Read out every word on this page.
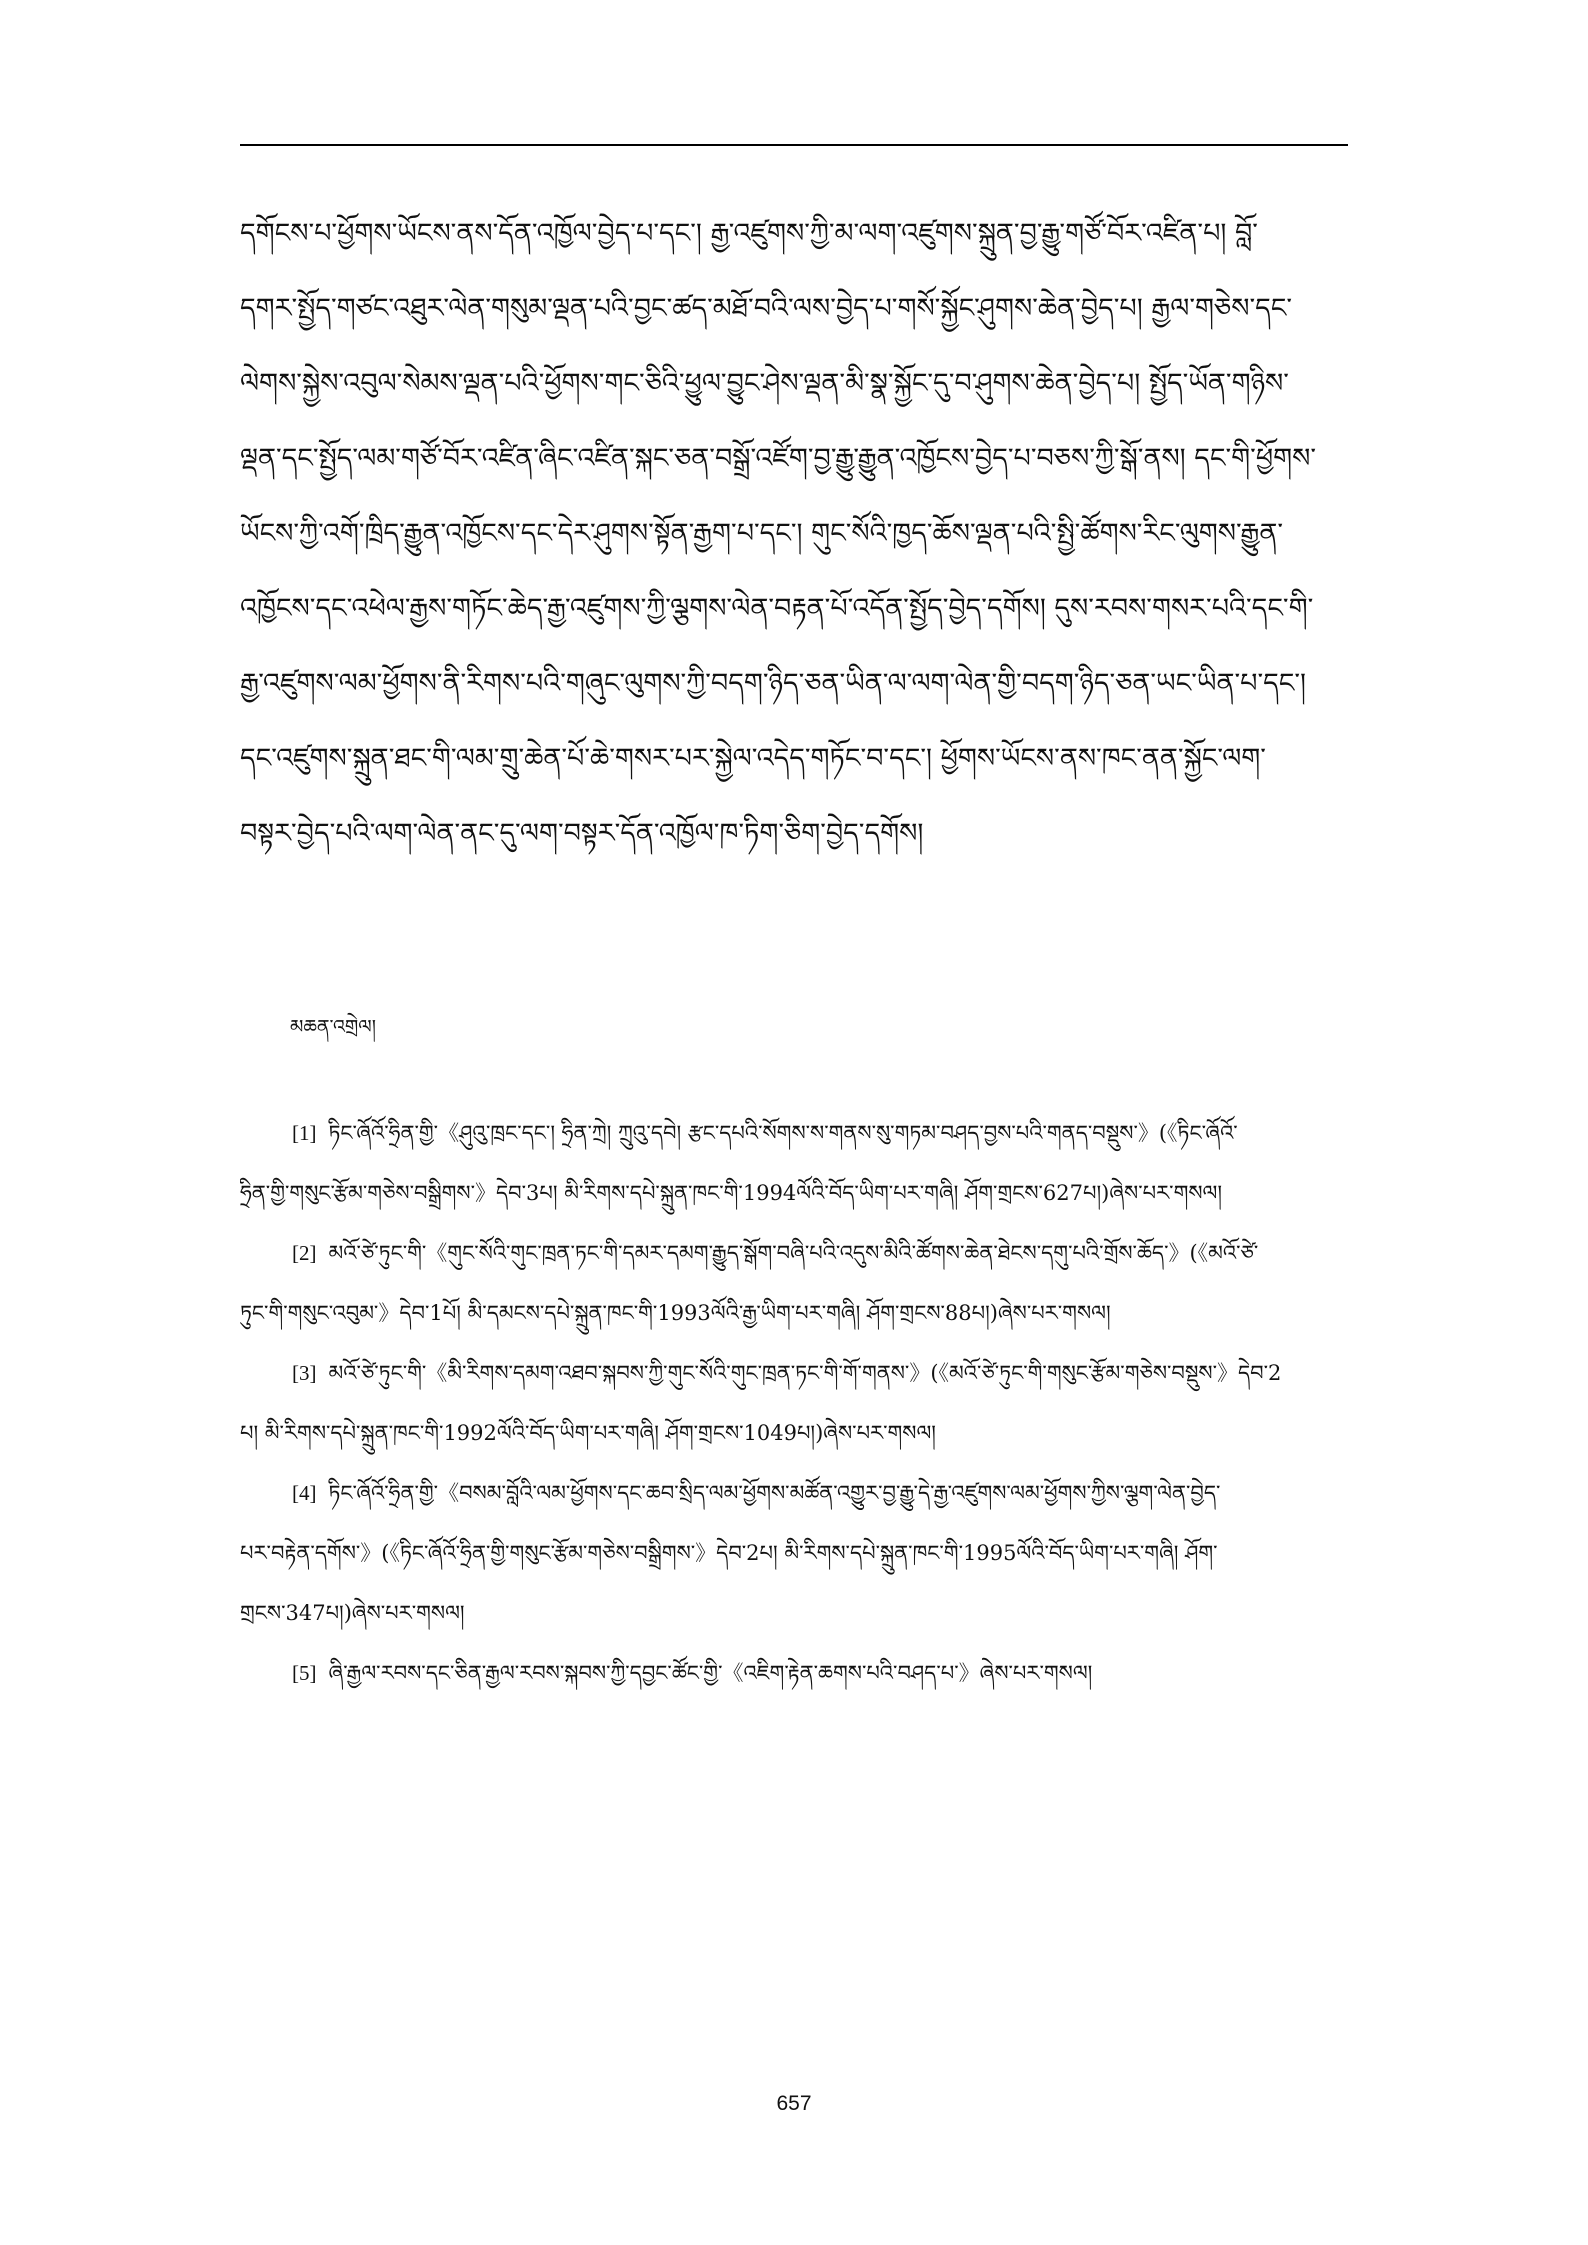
དགོངས་པ་ཕྱོགས་ཡོངས་ནས་དོན་འཁྱོལ་བྱེད་པ་དང་། རྒྱ་འཛུགས་ཀྱི་མ་ལག་འཛུགས་སྐྲུན་བྱ་རྒྱུ་གཙོ་བོར་འཛིན་པ། བློ་
དགར་སྤྱོད་གཙང་འཐུར་ལེན་གསུམ་ལྡན་པའི་བྱང་ཚད་མཐོ་བའི་ལས་བྱེད་པ་གསོ་སྐྱོང་ཤུགས་ཆེན་བྱེད་པ། རྒྱལ་གཅེས་དང་
ལེགས་སྐྱེས་འབུལ་སེམས་ལྡན་པའི་ཕྱོགས་གང་ཅིའི་ཕྱུལ་བྱུང་ཤེས་ལྡན་མི་སྣ་སྐྱོང་དུ་བ་ཤུགས་ཆེན་བྱེད་པ། སྤྱོད་ཡོན་གཉིས་
ལྡན་དང་སྤྱོད་ལམ་གཙོ་བོར་འཛིན་ཞིང་འཛིན་སྐང་ཅན་བསྒྲོ་འཛོག་བྱ་རྒྱུ་རྒྱུན་འཁྱོངས་བྱེད་པ་བཅས་ཀྱི་སྒོ་ནས། དང་གི་ཕྱོགས་
ཡོངས་ཀྱི་འགོ་ཁྲིད་རྒྱུན་འཁྱོངས་དང་དེར་ཤུགས་སྟོན་རྒྱག་པ་དང་། གུང་སོའི་ཁྱད་ཆོས་ལྡན་པའི་སྤྱི་ཚོགས་རིང་ལུགས་རྒྱུན་
འཁྱོངས་དང་འཕེལ་རྒྱས་གཏོང་ཆེད་རྒྱ་འཛུགས་ཀྱི་ལྕགས་ལེན་བརྟན་པོ་འདོན་སྤྱོད་བྱེད་དགོས། དུས་རབས་གསར་པའི་དང་གི་
རྒྱ་འཛུགས་ལམ་ཕྱོགས་ནི་རིགས་པའི་གཞུང་ལུགས་ཀྱི་བདག་ཉིད་ཅན་ཡིན་ལ་ལག་ལེན་གྱི་བདག་ཉིད་ཅན་ཡང་ཡིན་པ་དང་།
དང་འཛུགས་སྐྲུན་ཐང་གི་ལམ་གྲུ་ཆེན་པོ་ཆེ་གསར་པར་སྐྱེལ་འདེད་གཏོང་བ་དང་། ཕྱོགས་ཡོངས་ནས་ཁང་ནན་སྐྱོང་ལག་
བསྟར་བྱེད་པའི་ལག་ལེན་ནང་དུ་ལག་བསྟར་དོན་འཁྱོལ་ཁ་ཏིག་ཅིག་བྱེད་དགོས།
མཆན་འགྲེལ།
[1] ཏིང་ཞོའོ་ཧྲིན་གྱི་《ཤུའུ་ཁྲང་དང་། ཧྲིན་ཀྲེ། ཀྲུའུ་དབེ། རྩང་དཔའི་སོགས་ས་གནས་སུ་གཏམ་བཤད་བྱས་པའི་གནད་བསྡུས་》(《ཏིང་ཞོའོ་
ཧྲིན་གྱི་གསུང་རྩོམ་གཅེས་བསྒྲིགས་》དེབ་3པ། མི་རིགས་དཔེ་སྐྲུན་ཁང་གི་1994ལོའི་བོད་ཡིག་པར་གཞི། ཤོག་གྲངས་627པ།)ཞེས་པར་གསལ།
[2] མའོ་ཙེ་ཏུང་གི་《གུང་སོའི་གུང་ཁྲན་ཏང་གི་དམར་དམག་རྒྱུད་སྒོག་བཞི་པའི་འདུས་མིའི་ཚོགས་ཆེན་ཐེངས་དགུ་པའི་གྲོས་ཆོད་》(《མའོ་ཙེ་
ཏུང་གི་གསུང་འབུམ་》དེབ་1པོ། མི་དམངས་དཔེ་སྐྲུན་ཁང་གི་1993ལོའི་རྒྱ་ཡིག་པར་གཞི། ཤོག་གྲངས་88པ།)ཞེས་པར་གསལ།
[3] མའོ་ཙེ་ཏུང་གི་《མི་རིགས་དམག་འཐབ་སྐབས་ཀྱི་གུང་སོའི་གུང་ཁྲན་ཏང་གི་གོ་གནས་》(《མའོ་ཙེ་ཏུང་གི་གསུང་རྩོམ་གཅེས་བསྡུས་》དེབ་2
པ། མི་རིགས་དཔེ་སྐྲུན་ཁང་གི་1992ལོའི་བོད་ཡིག་པར་གཞི། ཤོག་གྲངས་1049པ།)ཞེས་པར་གསལ།
[4] ཏིང་ཞོའོ་ཧྲིན་གྱི་《བསམ་བློའི་ལམ་ཕྱོགས་དང་ཆབ་སྲིད་ལམ་ཕྱོགས་མཚོན་འགྱུར་བྱ་རྒྱུ་དེ་རྒྱ་འཛུགས་ལམ་ཕྱོགས་ཀྱིས་ལྕག་ལེན་བྱེད་
པར་བརྟེན་དགོས་》(《ཏིང་ཞོའོ་ཧྲིན་གྱི་གསུང་རྩོམ་གཅེས་བསྒྲིགས་》དེབ་2པ། མི་རིགས་དཔེ་སྐྲུན་ཁང་གི་1995ལོའི་བོད་ཡིག་པར་གཞི། ཤོག་
གྲངས་347པ།)ཞེས་པར་གསལ།
[5] ཞི་རྒྱལ་རབས་དང་ཅིན་རྒྱལ་རབས་སྐབས་ཀྱི་དབྱང་ཚོང་གྱི་《འཇིག་རྟེན་ཆགས་པའི་བཤད་པ་》ཞེས་པར་གསལ།
657
